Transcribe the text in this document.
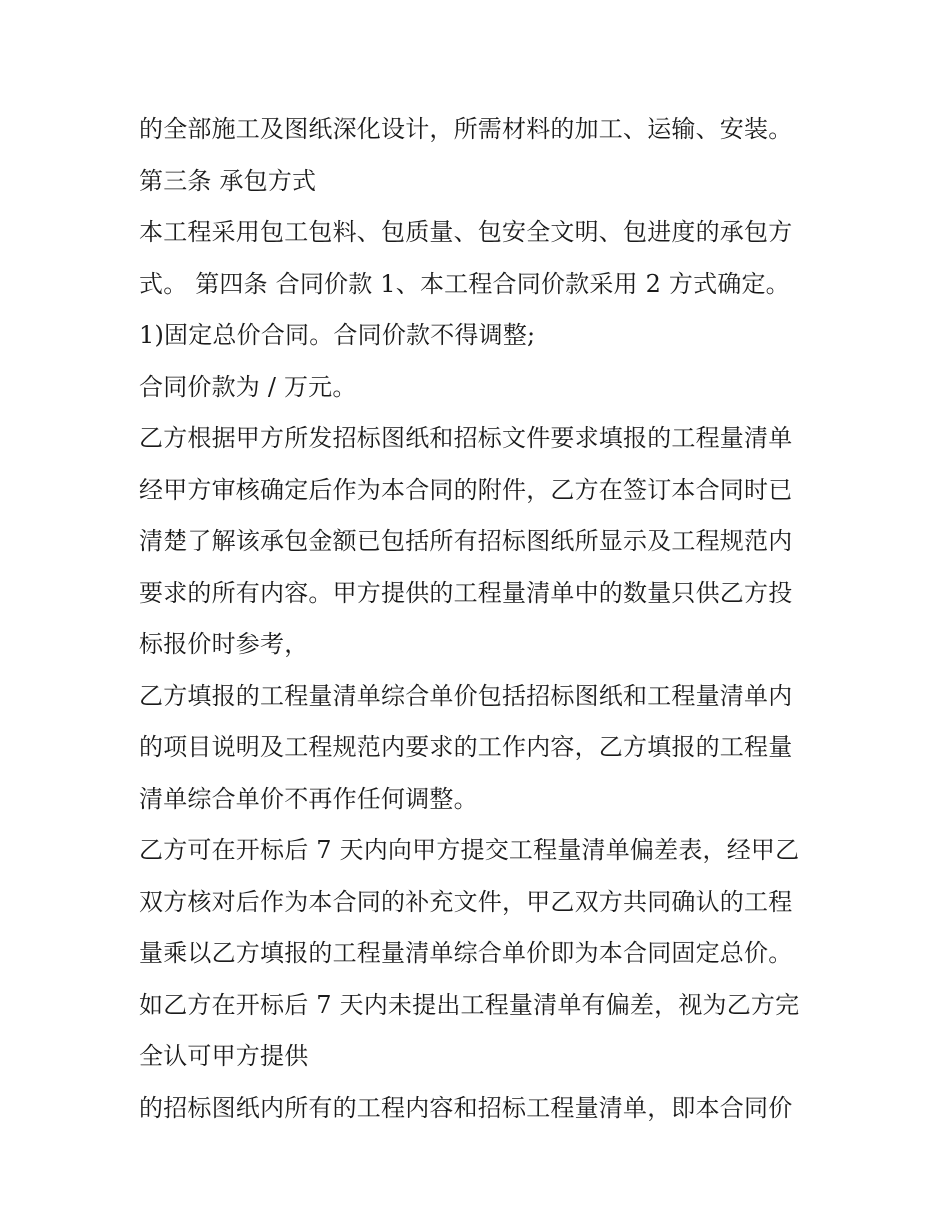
的全部施工及图纸深化设计，所需材料的加工、运输、安装。
第三条 承包方式
本工程采用包工包料、包质量、包安全文明、包进度的承包方
式。 第四条 合同价款 1、本工程合同价款采用 2 方式确定。
1)固定总价合同。合同价款不得调整;
合同价款为 / 万元。
乙方根据甲方所发招标图纸和招标文件要求填报的工程量清单
经甲方审核确定后作为本合同的附件，乙方在签订本合同时已
清楚了解该承包金额已包括所有招标图纸所显示及工程规范内
要求的所有内容。甲方提供的工程量清单中的数量只供乙方投
标报价时参考，
乙方填报的工程量清单综合单价包括招标图纸和工程量清单内
的项目说明及工程规范内要求的工作内容，乙方填报的工程量
清单综合单价不再作任何调整。
乙方可在开标后 7 天内向甲方提交工程量清单偏差表，经甲乙
双方核对后作为本合同的补充文件，甲乙双方共同确认的工程
量乘以乙方填报的工程量清单综合单价即为本合同固定总价。
如乙方在开标后 7 天内未提出工程量清单有偏差，视为乙方完
全认可甲方提供
的招标图纸内所有的工程内容和招标工程量清单，即本合同价
